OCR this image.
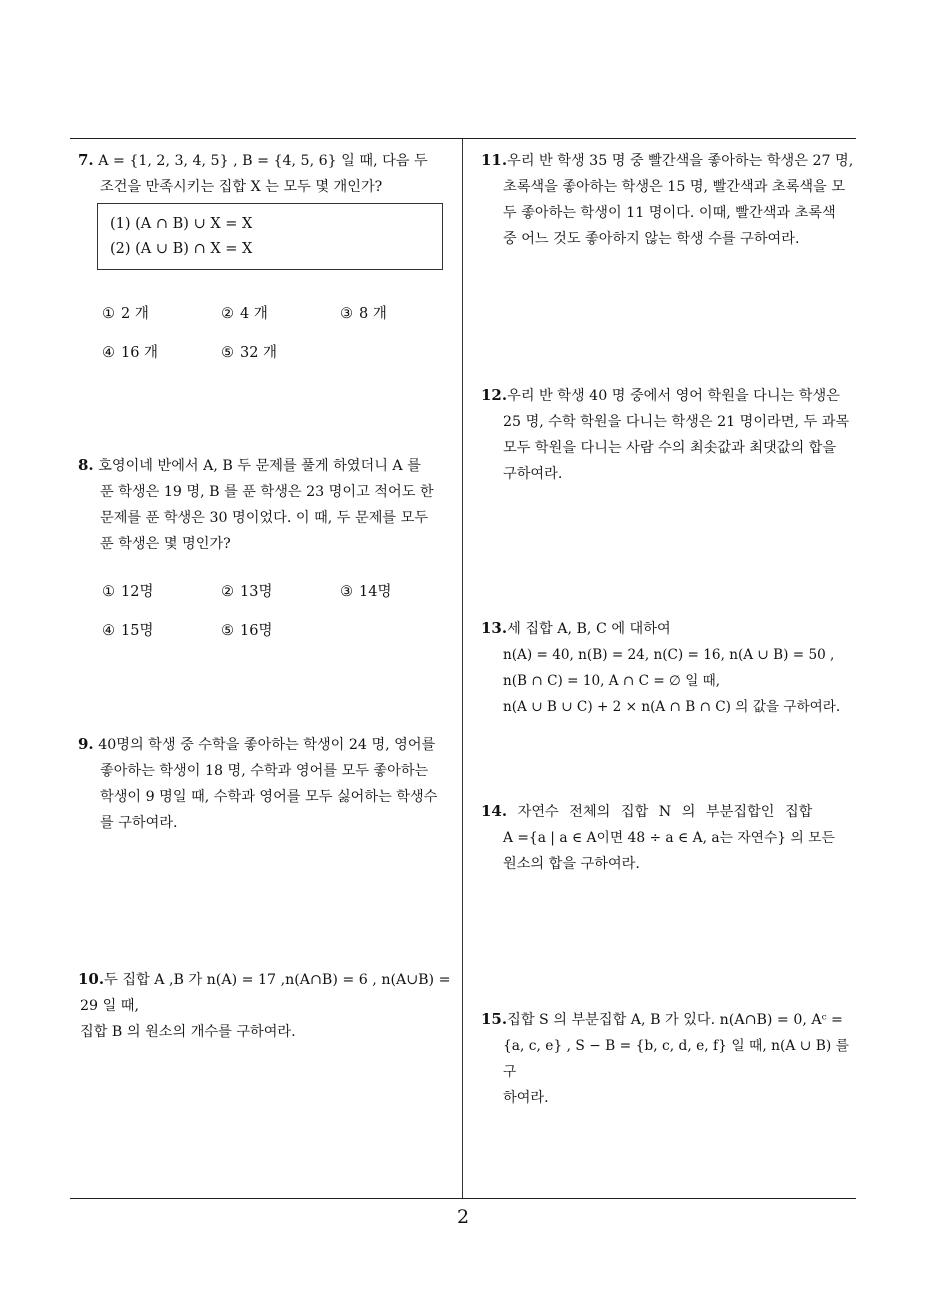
7. A = {1, 2, 3, 4, 5} , B = {4, 5, 6} 일 때, 다음 두
조건을 만족시키는 집합 X 는 모두 몇 개인가?
(1) (A ∩ B) ∪ X = X
(2) (A ∪ B) ∩ X = X
① 2 개	② 4 개	③ 8 개
④ 16 개	⑤ 32 개
8. 호영이네 반에서 A, B 두 문제를 풀게 하였더니 A 를
푼 학생은 19 명, B 를 푼 학생은 23 명이고 적어도 한
문제를 푼 학생은 30 명이었다. 이 때, 두 문제를 모두
푼 학생은 몇 명인가?
① 12명	② 13명	③ 14명
④ 15명	⑤ 16명
9. 40명의 학생 중 수학을 좋아하는 학생이 24 명, 영어를
좋아하는 학생이 18 명, 수학과 영어를 모두 좋아하는
학생이 9 명일 때, 수학과 영어를 모두 싫어하는 학생수
를 구하여라.
10.두 집합 A ,B 가 n(A) = 17 ,n(A∩B) = 6 , n(A∪B) =
29 일 때,
집합 B 의 원소의 개수를 구하여라.
11.우리 반 학생 35 명 중 빨간색을 좋아하는 학생은 27 명,
초록색을 좋아하는 학생은 15 명, 빨간색과 초록색을 모
두 좋아하는 학생이 11 명이다. 이때, 빨간색과 초록색
중 어느 것도 좋아하지 않는 학생 수를 구하여라.
12.우리 반 학생 40 명 중에서 영어 학원을 다니는 학생은
25 명, 수학 학원을 다니는 학생은 21 명이라면, 두 과목
모두 학원을 다니는 사람 수의 최솟값과 최댓값의 합을
구하여라.
13.세 집합 A, B, C 에 대하여
n(A) = 40, n(B) = 24, n(C) = 16, n(A ∪ B) = 50 ,
n(B ∩ C) = 10, A ∩ C = ∅ 일 때,
n(A ∪ B ∪ C) + 2 × n(A ∩ B ∩ C) 의 값을 구하여라.
14. 자연수 전체의 집합 N 의 부분집합인 집합
A ={a | a ∈ A이면 48 ÷ a ∈ A, a는 자연수} 의 모든
원소의 합을 구하여라.
15.집합 S 의 부분집합 A, B 가 있다. n(A∩B) = 0, Aᶜ =
{a, c, e} , S − B = {b, c, d, e, f} 일 때, n(A ∪ B) 를 구
하여라.
2
